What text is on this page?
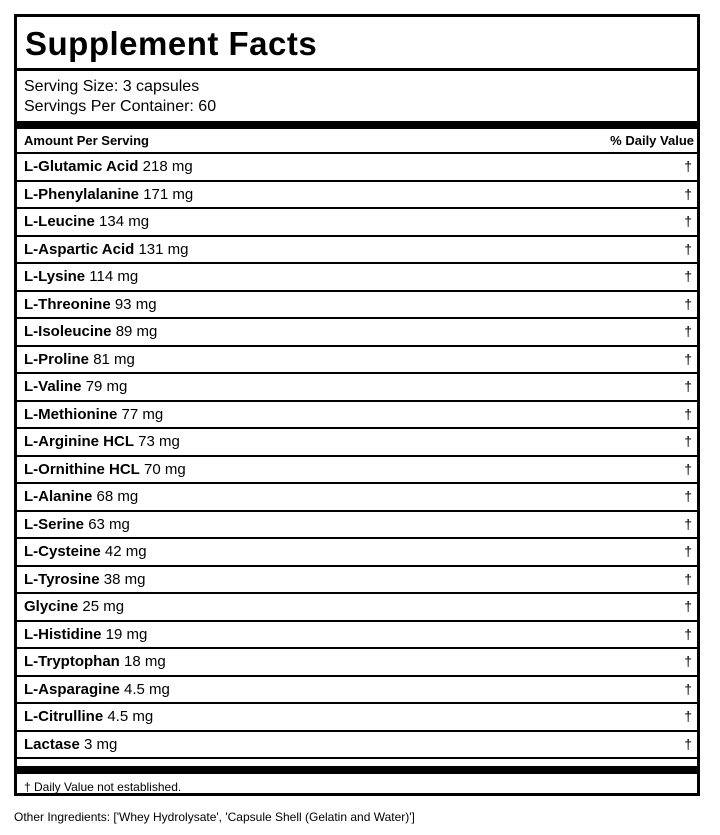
Supplement Facts
Serving Size: 3 capsules
Servings Per Container: 60
Amount Per Serving	% Daily Value
L-Glutamic Acid 218 mg	†
L-Phenylalanine 171 mg	†
L-Leucine 134 mg	†
L-Aspartic Acid 131 mg	†
L-Lysine 114 mg	†
L-Threonine 93 mg	†
L-Isoleucine 89 mg	†
L-Proline 81 mg	†
L-Valine 79 mg	†
L-Methionine 77 mg	†
L-Arginine HCL 73 mg	†
L-Ornithine HCL 70 mg	†
L-Alanine 68 mg	†
L-Serine 63 mg	†
L-Cysteine 42 mg	†
L-Tyrosine 38 mg	†
Glycine 25 mg	†
L-Histidine 19 mg	†
L-Tryptophan 18 mg	†
L-Asparagine 4.5 mg	†
L-Citrulline 4.5 mg	†
Lactase 3 mg	†
† Daily Value not established.
Other Ingredients: ['Whey Hydrolysate', 'Capsule Shell (Gelatin and Water)']
